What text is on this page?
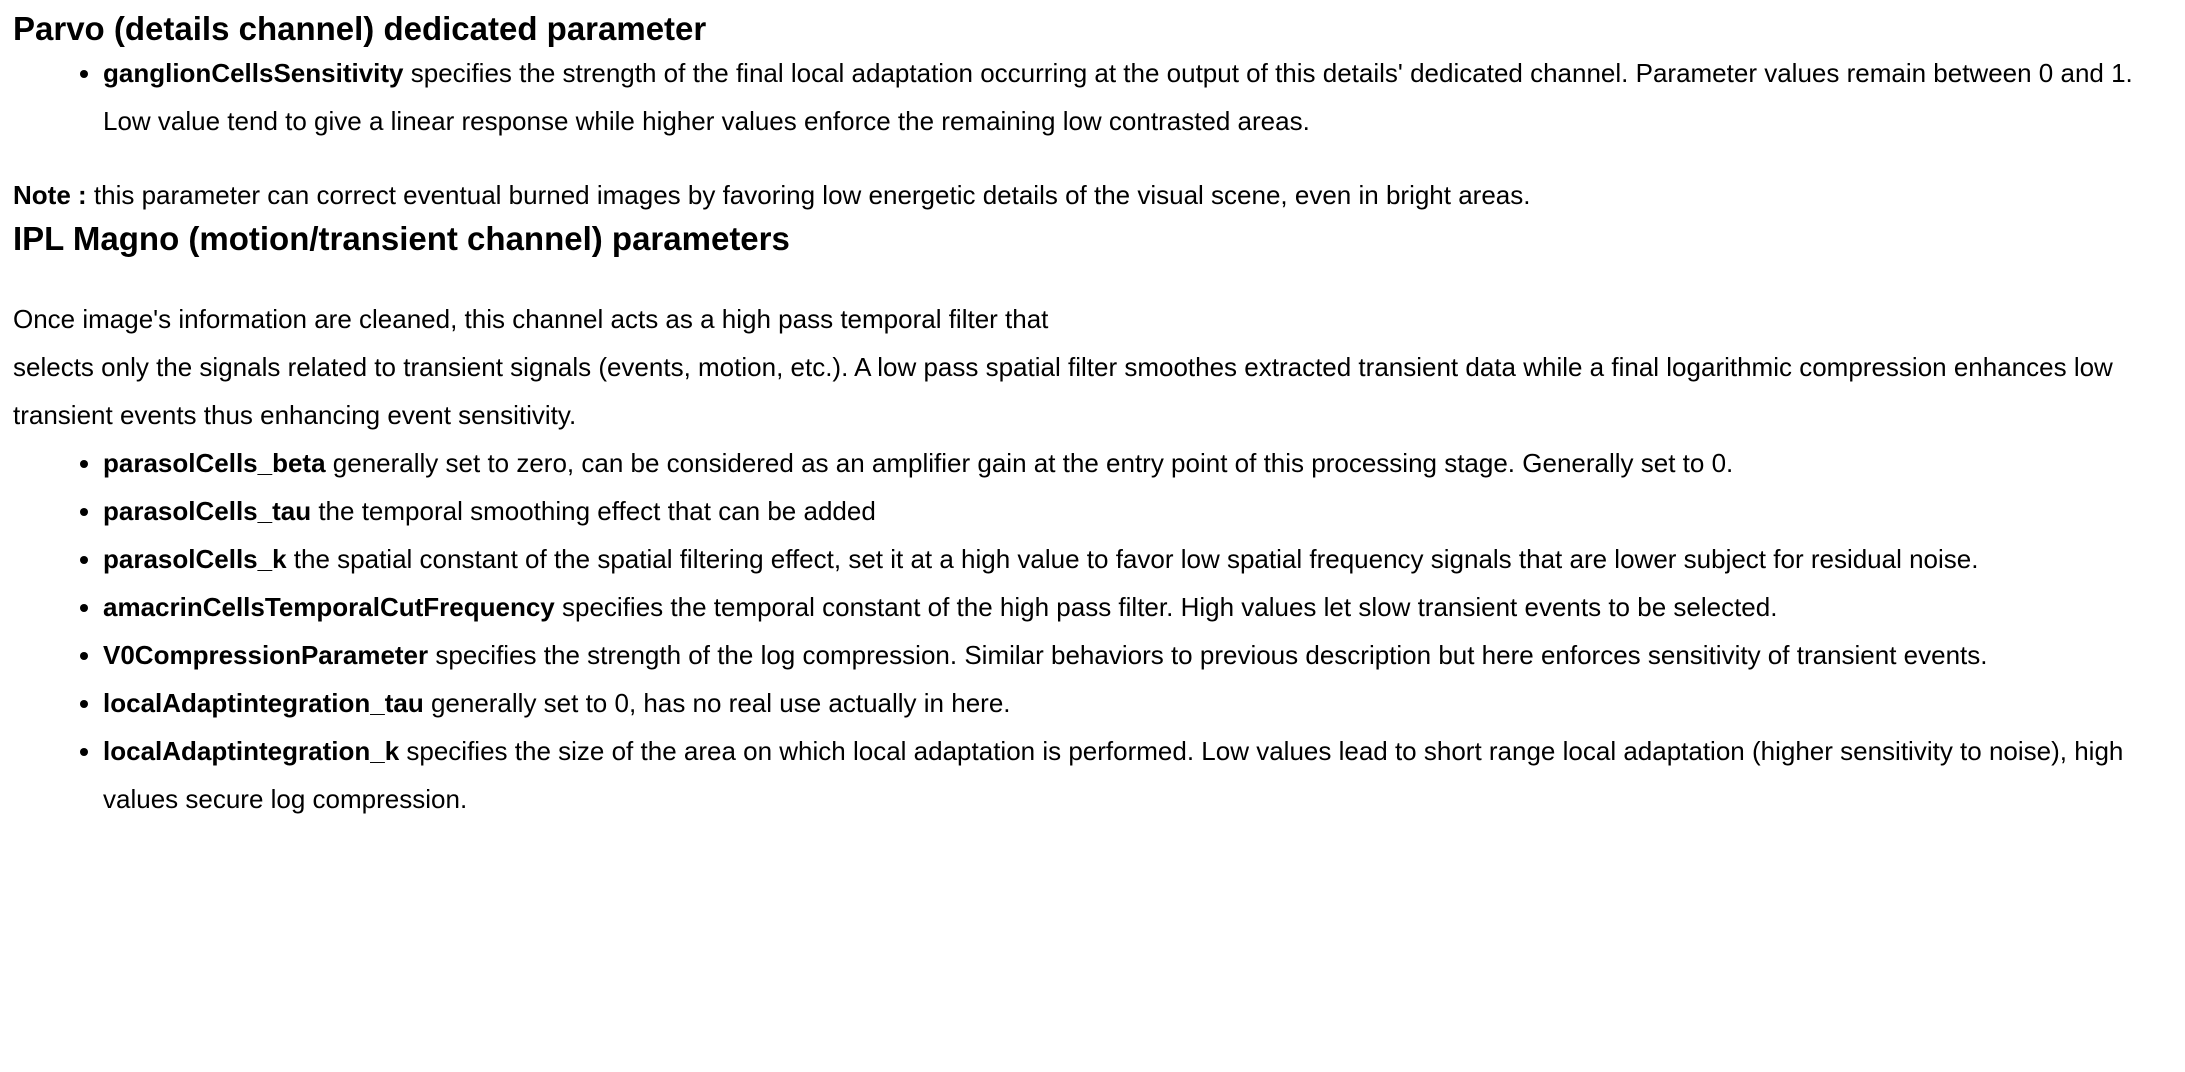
Parvo (details channel) dedicated parameter
• ganglionCellsSensitivity specifies the strength of the final local adaptation occurring at the output of this details' dedicated channel. Parameter values remain between 0 and 1. Low value tend to give a linear response while higher values enforce the remaining low contrasted areas.

Note : this parameter can correct eventual burned images by favoring low energetic details of the visual scene, even in bright areas.

IPL Magno (motion/transient channel) parameters

Once image's information are cleaned, this channel acts as a high pass temporal filter that
selects only the signals related to transient signals (events, motion, etc.). A low pass spatial filter smoothes extracted transient data while a final logarithmic compression enhances low transient events thus enhancing event sensitivity.

• parasolCells_beta generally set to zero, can be considered as an amplifier gain at the entry point of this processing stage. Generally set to 0.
• parasolCells_tau the temporal smoothing effect that can be added
• parasolCells_k the spatial constant of the spatial filtering effect, set it at a high value to favor low spatial frequency signals that are lower subject for residual noise.
• amacrinCellsTemporalCutFrequency specifies the temporal constant of the high pass filter. High values let slow transient events to be selected.
• V0CompressionParameter specifies the strength of the log compression. Similar behaviors to previous description but here enforces sensitivity of transient events.
• localAdaptintegration_tau generally set to 0, has no real use actually in here.
• localAdaptintegration_k specifies the size of the area on which local adaptation is performed. Low values lead to short range local adaptation (higher sensitivity to noise), high values secure log compression.
